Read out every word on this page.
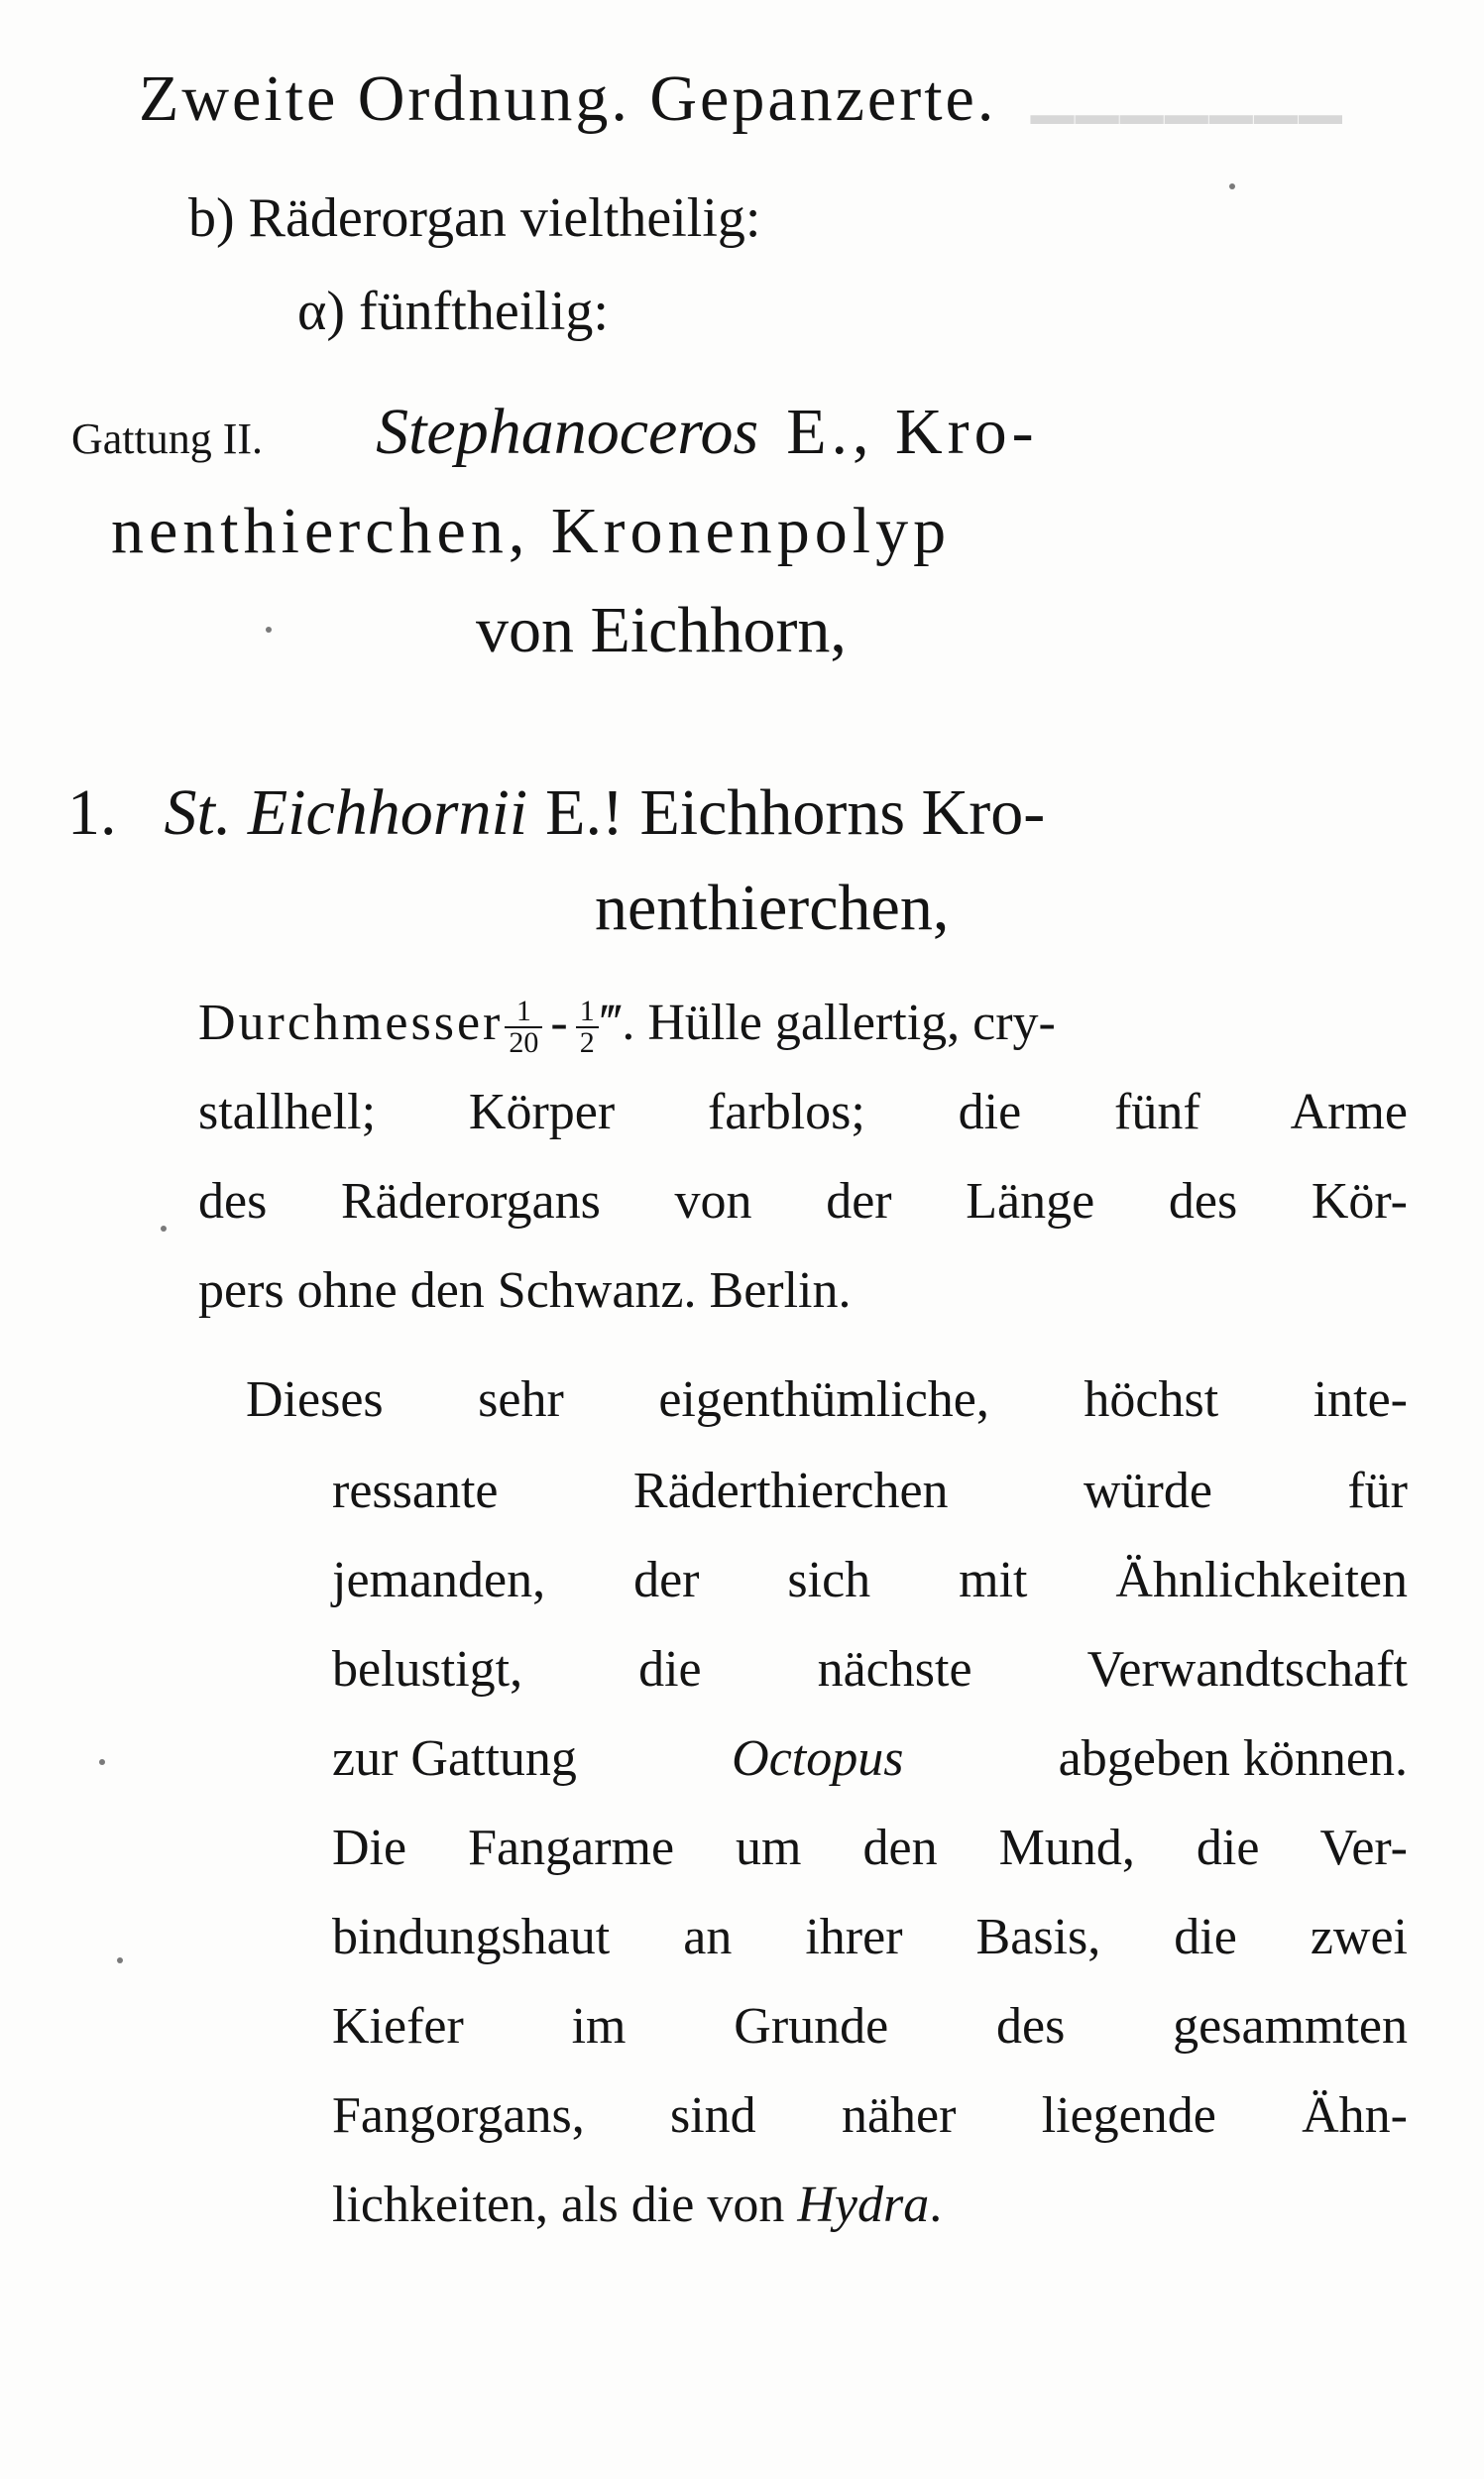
▁▁▁▁▁▁▁
Zweite Ordnung. Gepanzerte.
b) Räderorgan vieltheilig:
α) fünftheilig:
Gattung II. Stephanoceros E., Kro-
nenthierchen, Kronenpolyp
von Eichhorn,
1. St. Eichhornii E.! Eichhorns Kro-
nenthierchen,
Durchmesser $\frac{1}{20} - \frac{1}{2}$ ‴. Hülle gallertig, cry-
stallhell; Körper farblos; die fünf Arme
des Räderorgans von der Länge des Kör-
pers ohne den Schwanz. Berlin.
Dieses sehr eigenthümliche, höchst inte-
ressante Räderthierchen würde für
jemanden, der sich mit Ähnlichkeiten
belustigt, die nächste Verwandtschaft
zur Gattung	Octopus	abgeben können.
Die Fangarme um den Mund, die Ver-
bindungshaut an ihrer Basis, die zwei
Kiefer im Grunde des gesammten
Fangorgans, sind näher liegende Ähn-
lichkeiten, als die von Hydra.
